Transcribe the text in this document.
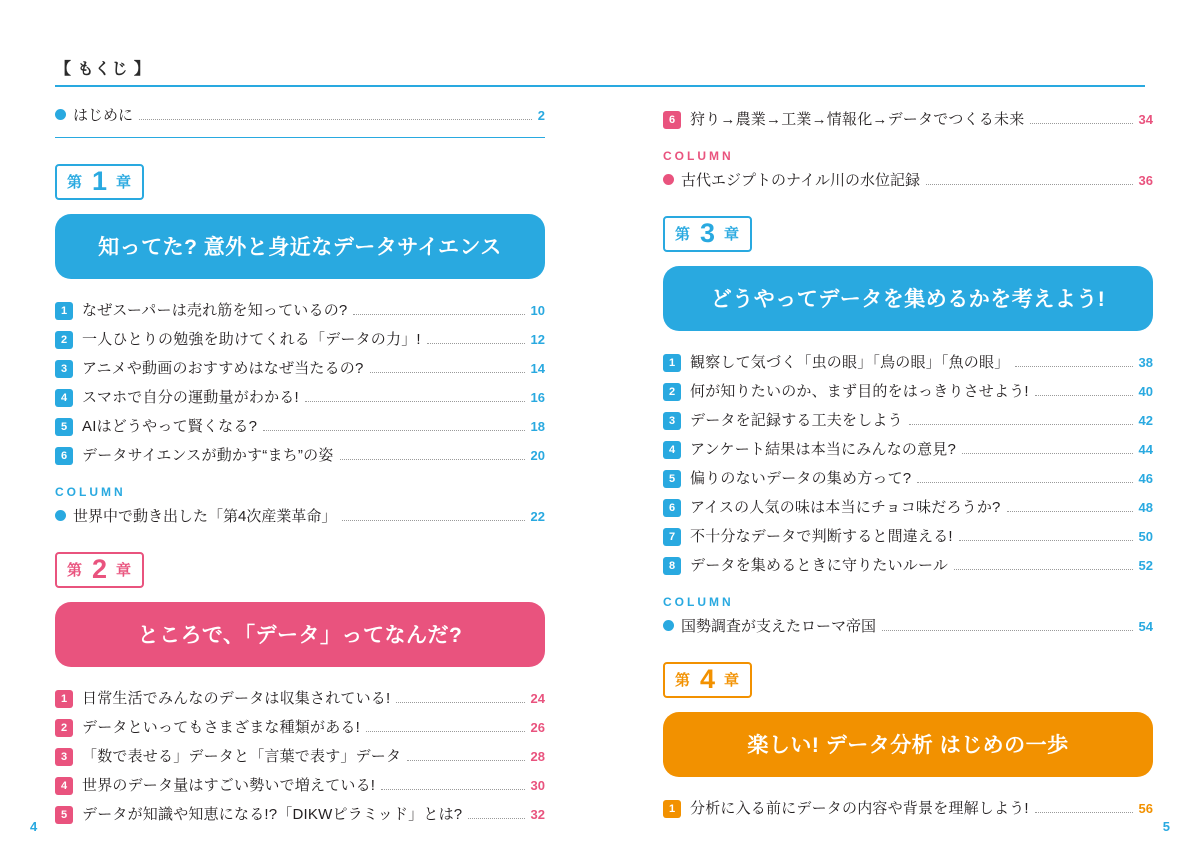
【 もくじ 】
はじめに	2
第 1 章
知ってた? 意外と身近なデータサイエンス
1 なぜスーパーは売れ筋を知っているの?	10
2 一人ひとりの勉強を助けてくれる「データの力」!	12
3 アニメや動画のおすすめはなぜ当たるの?	14
4 スマホで自分の運動量がわかる!	16
5 AIはどうやって賢くなる?	18
6 データサイエンスが動かす“まち”の姿	20
COLUMN
世界中で動き出した「第4次産業革命」	22
第 2 章
ところで、「データ」ってなんだ?
1 日常生活でみんなのデータは収集されている!	24
2 データといってもさまざまな種類がある!	26
3 「数で表せる」データと「言葉で表す」データ	28
4 世界のデータ量はすごい勢いで増えている!	30
5 データが知識や知恵になる!?「DIKWピラミッド」とは?	32
6 狩り→農業→工業→情報化→データでつくる未来	34
COLUMN
古代エジプトのナイル川の水位記録	36
第 3 章
どうやってデータを集めるかを考えよう!
1 観察して気づく「虫の眼」「鳥の眼」「魚の眼」	38
2 何が知りたいのか、まず目的をはっきりさせよう!	40
3 データを記録する工夫をしよう	42
4 アンケート結果は本当にみんなの意見?	44
5 偏りのないデータの集め方って?	46
6 アイスの人気の味は本当にチョコ味だろうか?	48
7 不十分なデータで判断すると間違える!	50
8 データを集めるときに守りたいルール	52
COLUMN
国勢調査が支えたローマ帝国	54
第 4 章
楽しい! データ分析 はじめの一歩
1 分析に入る前にデータの内容や背景を理解しよう!	56
4	5
